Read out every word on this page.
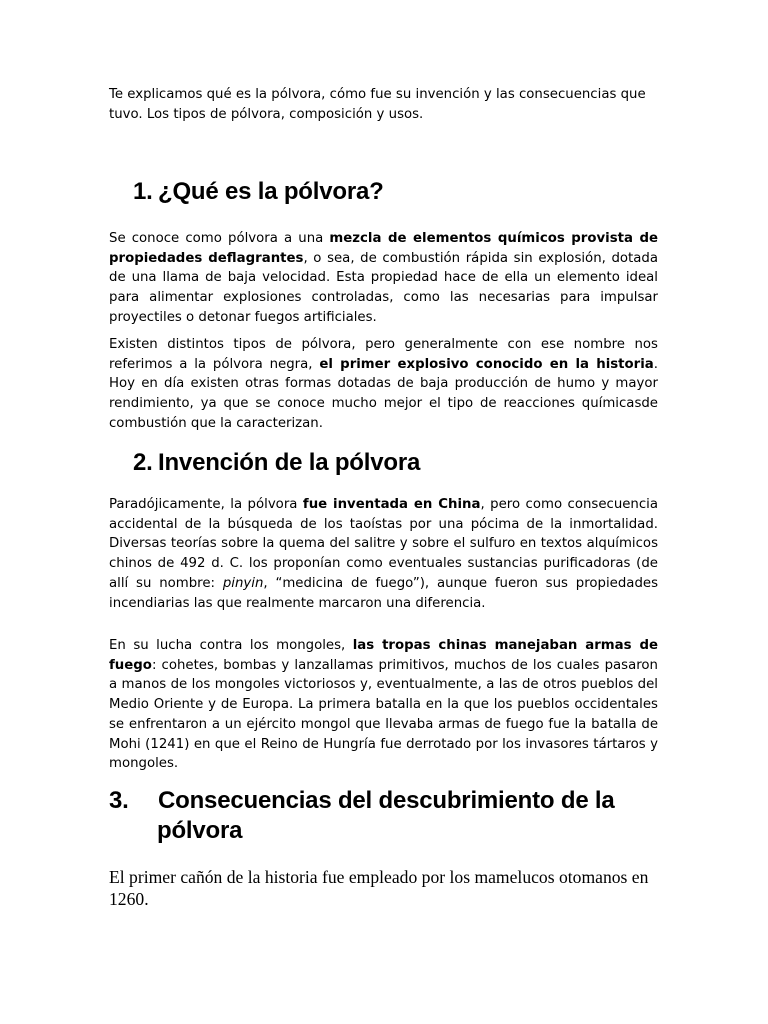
Te explicamos qué es la pólvora, cómo fue su invención y las consecuencias que tuvo. Los tipos de pólvora, composición y usos.

1. ¿Qué es la pólvora?

Se conoce como pólvora a una mezcla de elementos químicos provista de propiedades deflagrantes, o sea, de combustión rápida sin explosión, dotada de una llama de baja velocidad. Esta propiedad hace de ella un elemento ideal para alimentar explosiones controladas, como las necesarias para impulsar proyectiles o detonar fuegos artificiales.

Existen distintos tipos de pólvora, pero generalmente con ese nombre nos referimos a la pólvora negra, el primer explosivo conocido en la historia. Hoy en día existen otras formas dotadas de baja producción de humo y mayor rendimiento, ya que se conoce mucho mejor el tipo de reacciones químicasde combustión que la caracterizan.

2. Invención de la pólvora

Paradójicamente, la pólvora fue inventada en China, pero como consecuencia accidental de la búsqueda de los taoístas por una pócima de la inmortalidad. Diversas teorías sobre la quema del salitre y sobre el sulfuro en textos alquímicos chinos de 492 d. C. los proponían como eventuales sustancias purificadoras (de allí su nombre: pinyin, “medicina de fuego”), aunque fueron sus propiedades incendiarias las que realmente marcaron una diferencia.

En su lucha contra los mongoles, las tropas chinas manejaban armas de fuego: cohetes, bombas y lanzallamas primitivos, muchos de los cuales pasaron a manos de los mongoles victoriosos y, eventualmente, a las de otros pueblos del Medio Oriente y de Europa. La primera batalla en la que los pueblos occidentales se enfrentaron a un ejército mongol que llevaba armas de fuego fue la batalla de Mohi (1241) en que el Reino de Hungría fue derrotado por los invasores tártaros y mongoles.

3. Consecuencias del descubrimiento de la pólvora

El primer cañón de la historia fue empleado por los mamelucos otomanos en 1260.
